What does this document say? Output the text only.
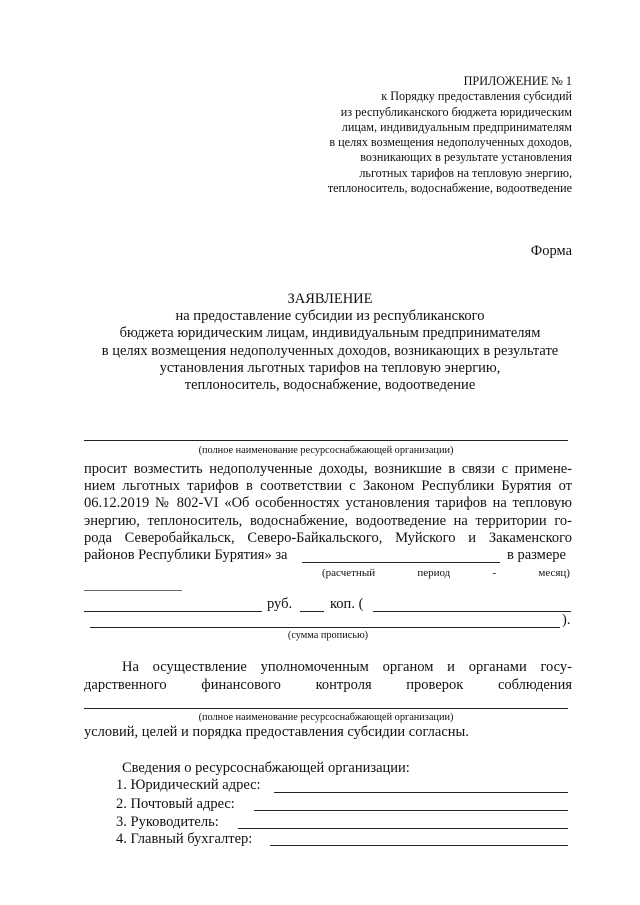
ПРИЛОЖЕНИЕ № 1
к Порядку предоставления субсидий
из республиканского бюджета юридическим
лицам, индивидуальным предпринимателям
в целях возмещения недополученных доходов,
возникающих в результате установления
льготных тарифов на тепловую энергию,
теплоноситель, водоснабжение, водоотведение
Форма
ЗАЯВЛЕНИЕ
на предоставление субсидии из республиканского
бюджета юридическим лицам, индивидуальным предпринимателям
в целях возмещения недополученных доходов, возникающих в результате
установления льготных тарифов на тепловую энергию,
теплоноситель, водоснабжение, водоотведение
(полное наименование ресурсоснабжающей организации)
просит возместить недополученные доходы, возникшие в связи с примене-
нием льготных тарифов в соответствии с Законом Республики Бурятия от
06.12.2019 № 802-VI «Об особенностях установления тарифов на тепловую
энергию, теплоноситель, водоснабжение, водоотведение на территории го-
рода Северобайкальск, Северо-Байкальского, Муйского и Закаменского
районов Республики Бурятия» за	в размере
(расчетный	период	-	месяц)
руб.	коп. (
).
(сумма прописью)
На осуществление уполномоченным органом и органами госу-
дарственного финансового контроля проверок соблюдения
(полное наименование ресурсоснабжающей организации)
условий, целей и порядка предоставления субсидии согласны.
Сведения о ресурсоснабжающей организации:
1. Юридический адрес:
2. Почтовый адрес:
3. Руководитель:
4. Главный бухгалтер:
